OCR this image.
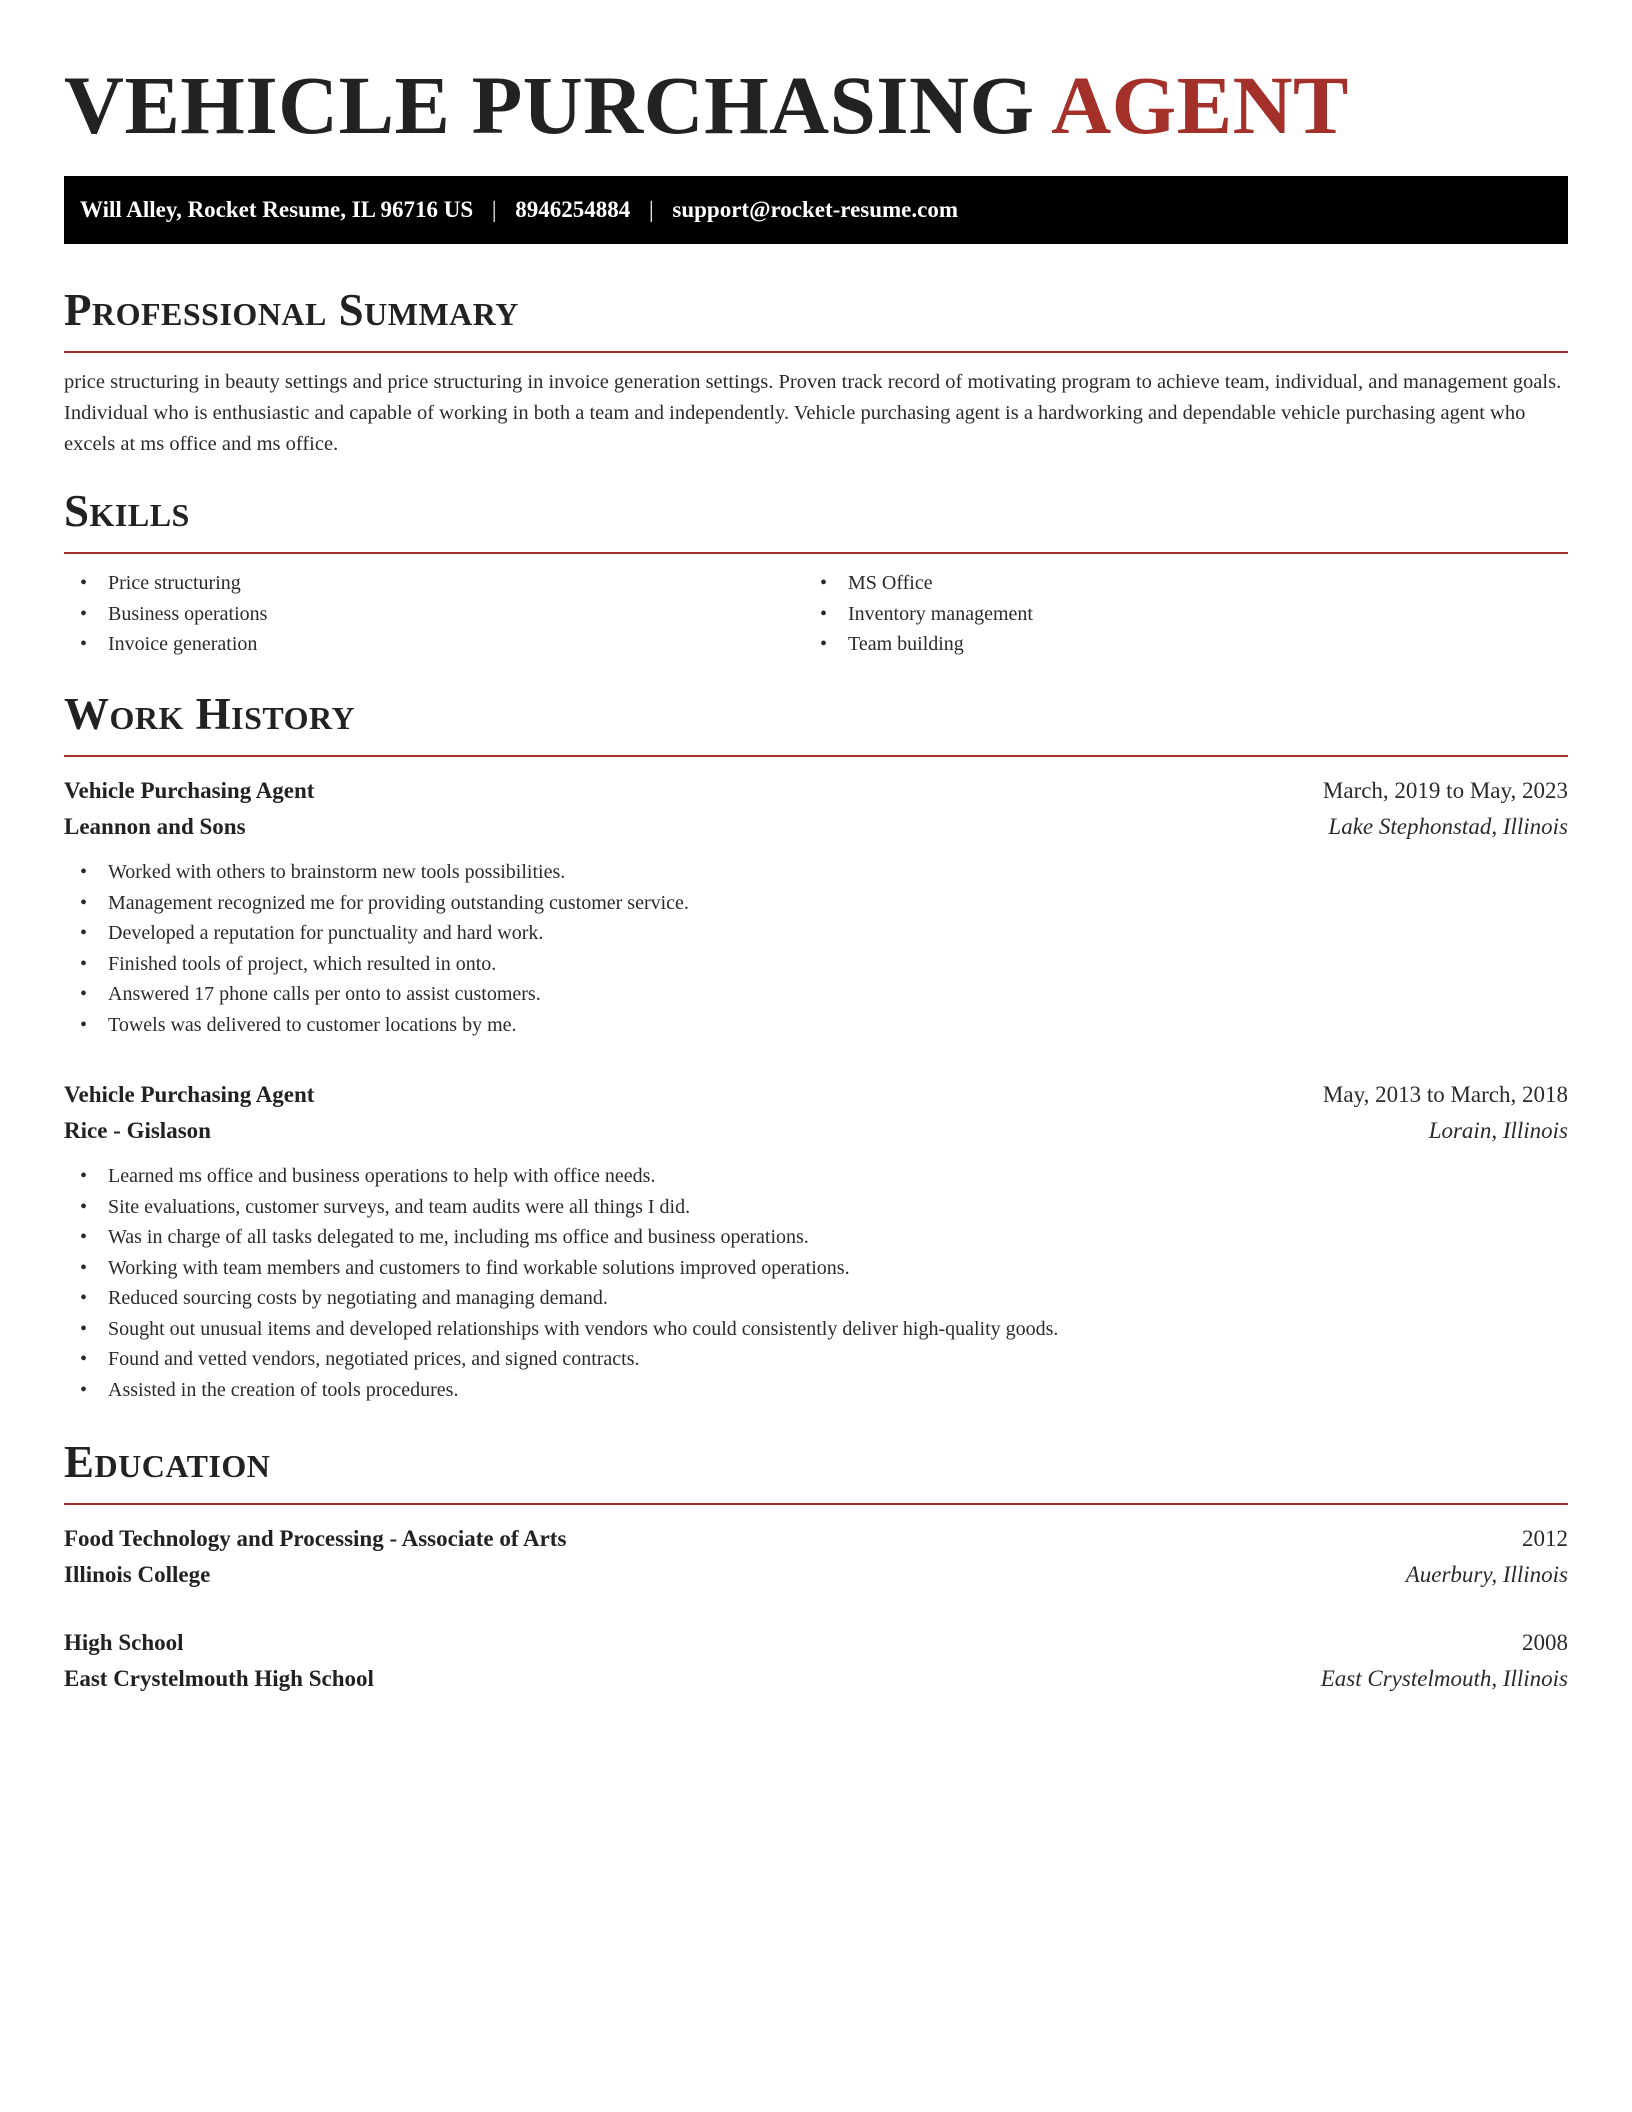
VEHICLE PURCHASING AGENT
Will Alley, Rocket Resume, IL 96716 US | 8946254884 | support@rocket-resume.com
Professional Summary

price structuring in beauty settings and price structuring in invoice generation settings. Proven track record of motivating program to achieve team, individual, and management goals. Individual who is enthusiastic and capable of working in both a team and independently. Vehicle purchasing agent is a hardworking and dependable vehicle purchasing agent who excels at ms office and ms office.

Skills
• Price structuring
• Business operations
• Invoice generation
• MS Office
• Inventory management
• Team building
Work History
Vehicle Purchasing Agent	March, 2019 to May, 2023
Leannon and Sons	Lake Stephonstad, Illinois
• Worked with others to brainstorm new tools possibilities.
• Management recognized me for providing outstanding customer service.
• Developed a reputation for punctuality and hard work.
• Finished tools of project, which resulted in onto.
• Answered 17 phone calls per onto to assist customers.
• Towels was delivered to customer locations by me.
Vehicle Purchasing Agent	May, 2013 to March, 2018
Rice - Gislason	Lorain, Illinois
• Learned ms office and business operations to help with office needs.
• Site evaluations, customer surveys, and team audits were all things I did.
• Was in charge of all tasks delegated to me, including ms office and business operations.
• Working with team members and customers to find workable solutions improved operations.
• Reduced sourcing costs by negotiating and managing demand.
• Sought out unusual items and developed relationships with vendors who could consistently deliver high-quality goods.
• Found and vetted vendors, negotiated prices, and signed contracts.
• Assisted in the creation of tools procedures.
Education
Food Technology and Processing - Associate of Arts	2012
Illinois College	Auerbury, Illinois
High School	2008
East Crystelmouth High School	East Crystelmouth, Illinois
